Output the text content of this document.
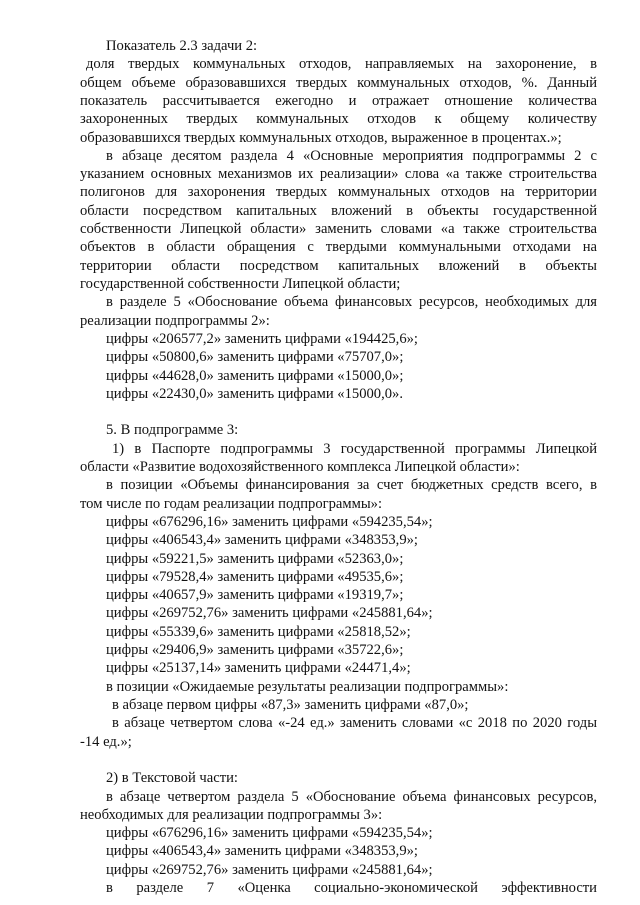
Показатель 2.3 задачи 2:
доля твердых коммунальных отходов, направляемых на захоронение, в
общем объеме образовавшихся твердых коммунальных отходов, %. Данный
показатель рассчитывается ежегодно и отражает отношение количества
захороненных твердых коммунальных отходов к общему количеству
образовавшихся твердых коммунальных отходов, выраженное в процентах.»;
в абзаце десятом раздела 4 «Основные мероприятия подпрограммы 2 с
указанием основных механизмов их реализации» слова «а также строительства
полигонов для захоронения твердых коммунальных отходов на территории
области посредством капитальных вложений в объекты государственной
собственности Липецкой области» заменить словами «а также строительства
объектов в области обращения с твердыми коммунальными отходами на
территории области посредством капитальных вложений в объекты
государственной собственности Липецкой области;
в разделе 5 «Обоснование объема финансовых ресурсов, необходимых для
реализации подпрограммы 2»:
цифры «206577,2» заменить цифрами «194425,6»;
цифры «50800,6» заменить цифрами «75707,0»;
цифры «44628,0» заменить цифрами «15000,0»;
цифры «22430,0» заменить цифрами «15000,0».
5. В подпрограмме 3:
1) в Паспорте подпрограммы 3 государственной программы Липецкой
области «Развитие водохозяйственного комплекса Липецкой области»:
в позиции «Объемы финансирования за счет бюджетных средств всего, в
том числе по годам реализации подпрограммы»:
цифры «676296,16» заменить цифрами «594235,54»;
цифры «406543,4» заменить цифрами «348353,9»;
цифры «59221,5» заменить цифрами «52363,0»;
цифры «79528,4» заменить цифрами «49535,6»;
цифры «40657,9» заменить цифрами «19319,7»;
цифры «269752,76» заменить цифрами «245881,64»;
цифры «55339,6» заменить цифрами «25818,52»;
цифры «29406,9» заменить цифрами «35722,6»;
цифры «25137,14» заменить цифрами «24471,4»;
в позиции «Ожидаемые результаты реализации подпрограммы»:
в абзаце первом цифры «87,3» заменить цифрами «87,0»;
в абзаце четвертом слова «-24 ед.» заменить словами «с 2018 по 2020 годы
-14 ед.»;
2) в Текстовой части:
в абзаце четвертом раздела 5 «Обоснование объема финансовых ресурсов,
необходимых для реализации подпрограммы 3»:
цифры «676296,16» заменить цифрами «594235,54»;
цифры «406543,4» заменить цифрами «348353,9»;
цифры «269752,76» заменить цифрами «245881,64»;
в разделе 7 «Оценка социально-экономической эффективности
